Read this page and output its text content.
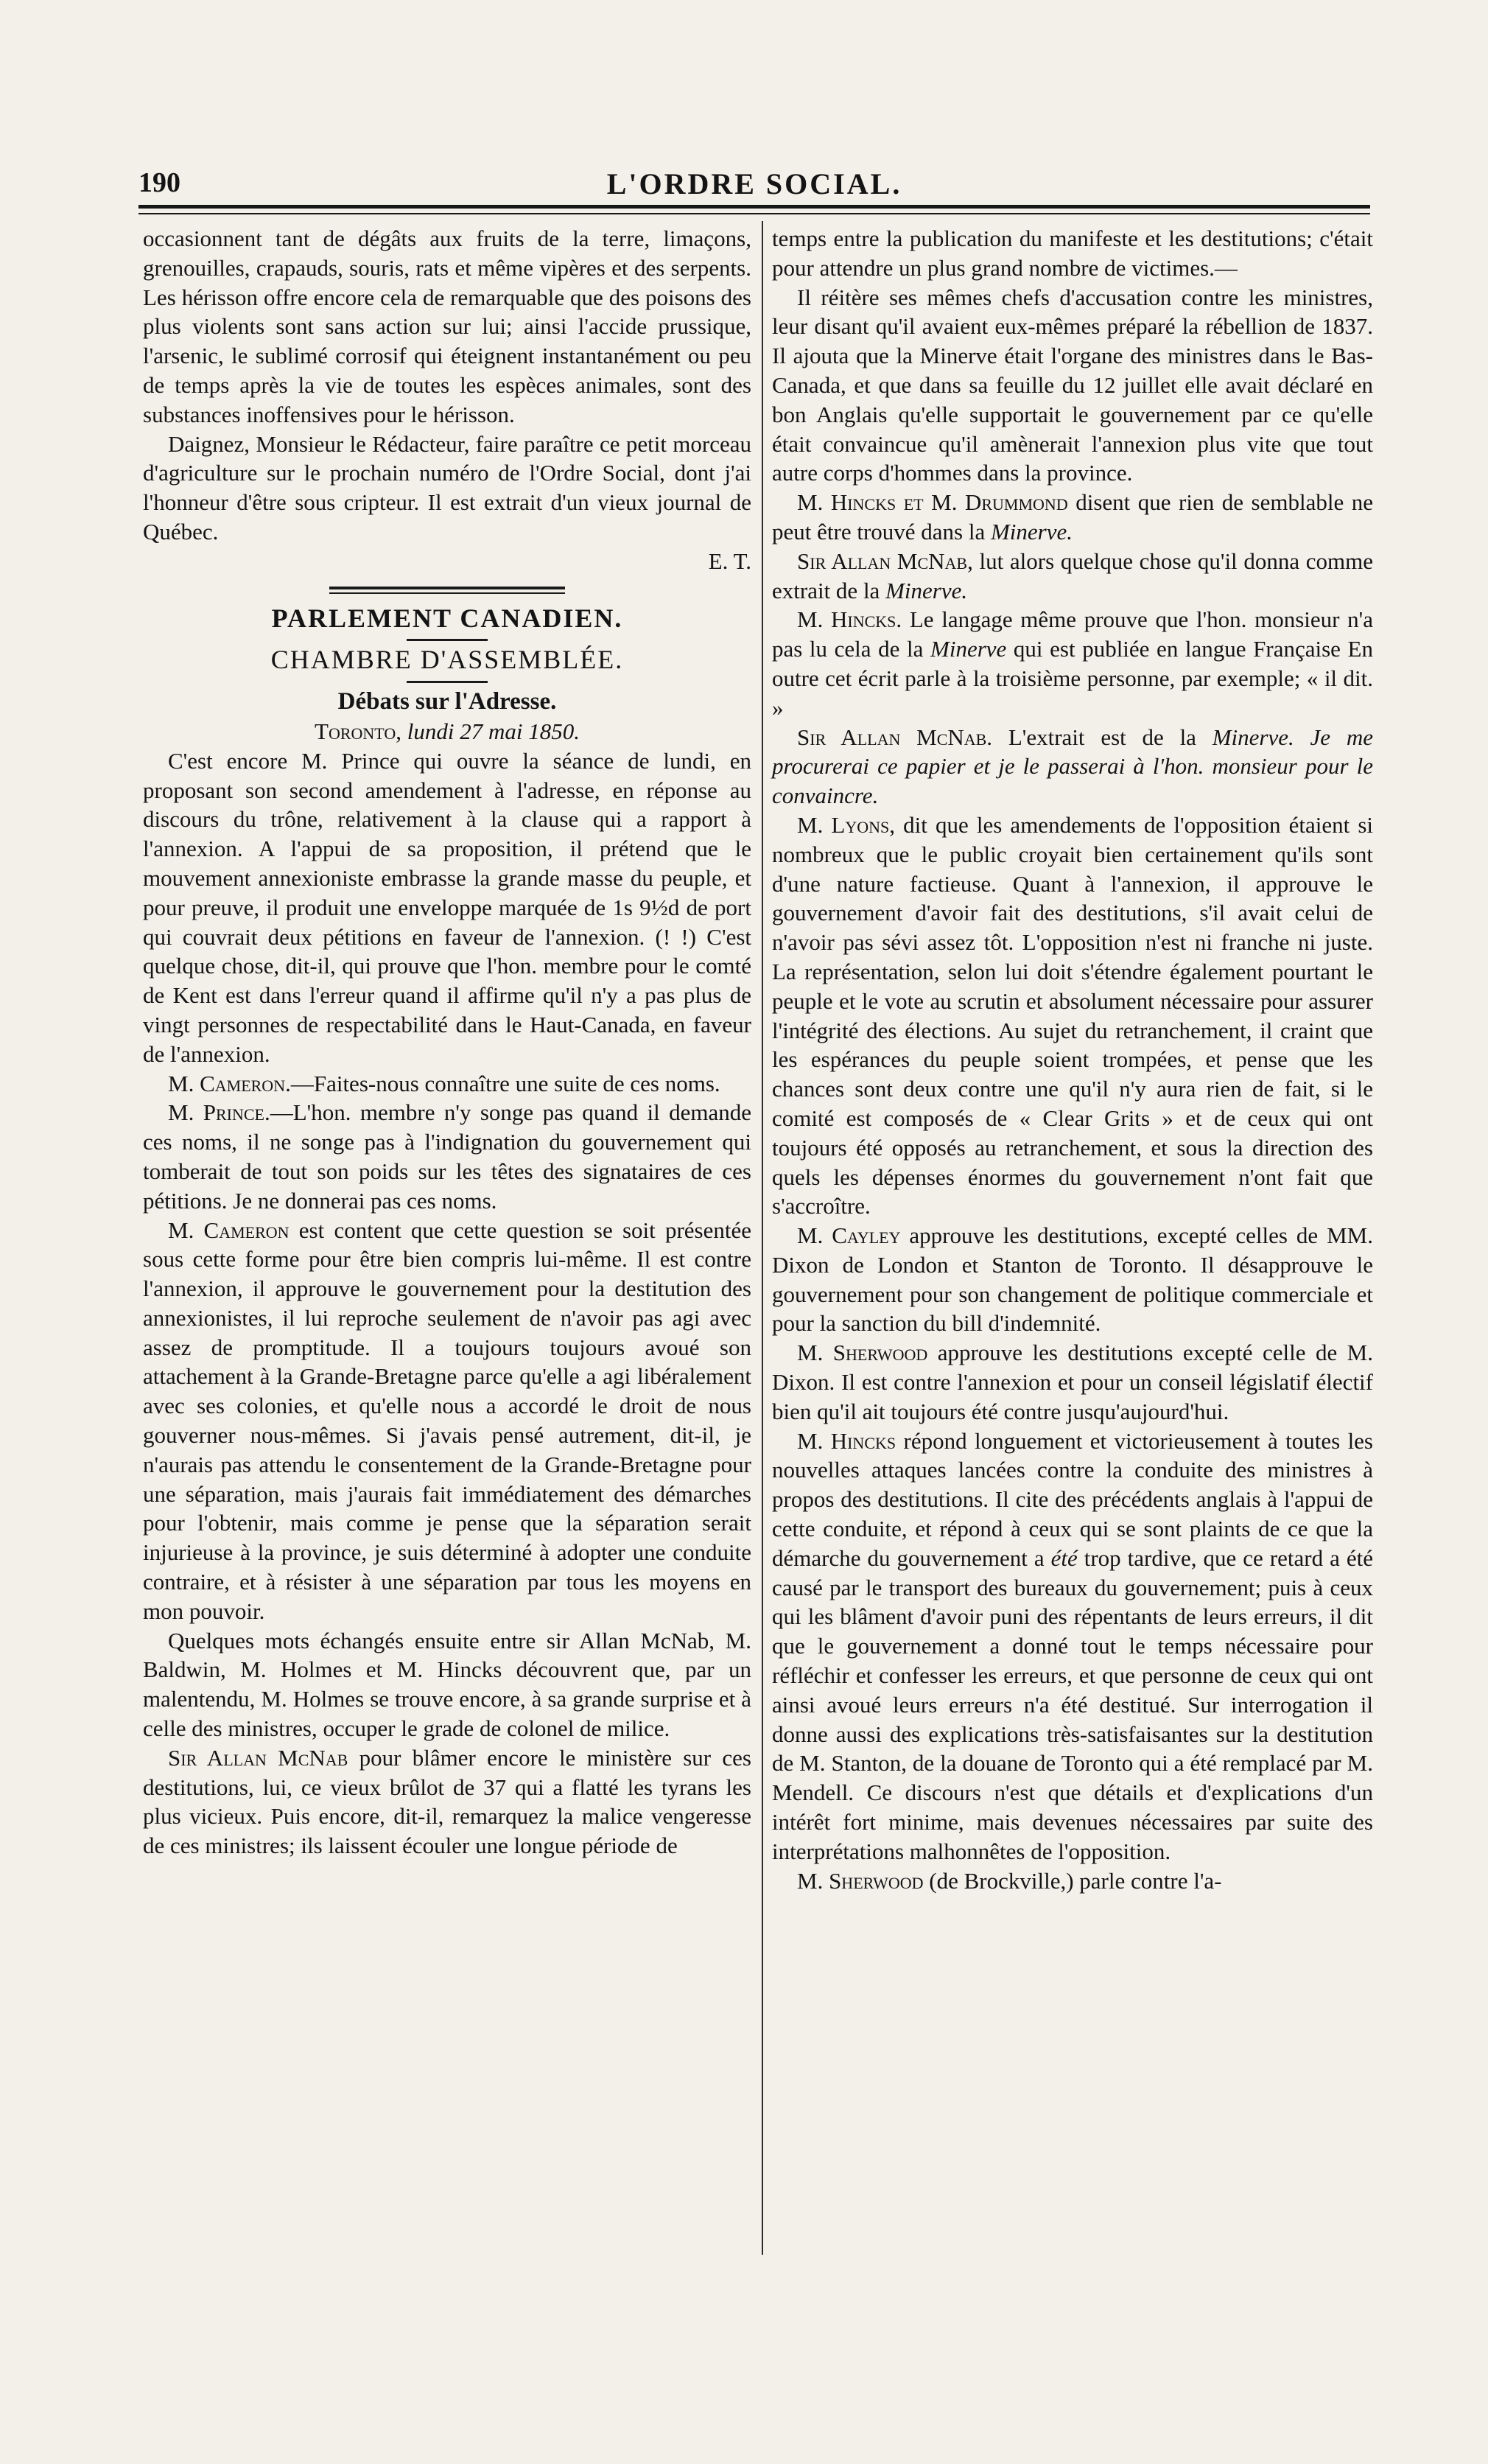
190	L'ORDRE SOCIAL.

occasionnent tant de dégâts aux fruits de la terre, limaçons, grenouilles, crapauds, souris, rats et même vipères et des serpents. Les hérisson offre encore cela de remarquable que des poisons des plus violents sont sans action sur lui; ainsi l'accide prussique, l'arsenic, le sublimé corrosif qui éteignent instantanément ou peu de temps après la vie de toutes les espèces animales, sont des substances inoffensives pour le hérisson.

Daignez, Monsieur le Rédacteur, faire paraître ce petit morceau d'agriculture sur le prochain numéro de l'Ordre Social, dont j'ai l'honneur d'être sous cripteur. Il est extrait d'un vieux journal de Québec.

E. T.

PARLEMENT CANADIEN.

CHAMBRE D'ASSEMBLÉE.

Débats sur l'Adresse.

Toronto, lundi 27 mai 1850.

C'est encore M. Prince qui ouvre la séance de lundi, en proposant son second amendement à l'adresse, en réponse au discours du trône, relativement à la clause qui a rapport à l'annexion. A l'appui de sa proposition, il prétend que le mouvement annexioniste embrasse la grande masse du peuple, et pour preuve, il produit une enveloppe marquée de 1s 9½d de port qui couvrait deux pétitions en faveur de l'annexion. (! !) C'est quelque chose, dit-il, qui prouve que l'hon. membre pour le comté de Kent est dans l'erreur quand il affirme qu'il n'y a pas plus de vingt personnes de respectabilité dans le Haut-Canada, en faveur de l'annexion.

M. Cameron.—Faites-nous connaître une suite de ces noms.

M. Prince.—L'hon. membre n'y songe pas quand il demande ces noms, il ne songe pas à l'indignation du gouvernement qui tomberait de tout son poids sur les têtes des signataires de ces pétitions. Je ne donnerai pas ces noms.

M. Cameron est content que cette question se soit présentée sous cette forme pour être bien compris lui-même. Il est contre l'annexion, il approuve le gouvernement pour la destitution des annexionistes, il lui reproche seulement de n'avoir pas agi avec assez de promptitude. Il a toujours toujours avoué son attachement à la Grande-Bretagne parce qu'elle a agi libéralement avec ses colonies, et qu'elle nous a accordé le droit de nous gouverner nous-mêmes. Si j'avais pensé autrement, dit-il, je n'aurais pas attendu le consentement de la Grande-Bretagne pour une séparation, mais j'aurais fait immédiatement des démarches pour l'obtenir, mais comme je pense que la séparation serait injurieuse à la province, je suis déterminé à adopter une conduite contraire, et à résister à une séparation par tous les moyens en mon pouvoir.

Quelques mots échangés ensuite entre sir Allan McNab, M. Baldwin, M. Holmes et M. Hincks découvrent que, par un malentendu, M. Holmes se trouve encore, à sa grande surprise et à celle des ministres, occuper le grade de colonel de milice.

Sir Allan McNab pour blâmer encore le ministère sur ces destitutions, lui, ce vieux brûlot de 37 qui a flatté les tyrans les plus vicieux. Puis encore, dit-il, remarquez la malice vengeresse de ces ministres; ils laissent écouler une longue période de

temps entre la publication du manifeste et les destitutions; c'était pour attendre un plus grand nombre de victimes.—

Il réitère ses mêmes chefs d'accusation contre les ministres, leur disant qu'il avaient eux-mêmes préparé la rébellion de 1837. Il ajouta que la Minerve était l'organe des ministres dans le Bas-Canada, et que dans sa feuille du 12 juillet elle avait déclaré en bon Anglais qu'elle supportait le gouvernement par ce qu'elle était convaincue qu'il amènerait l'annexion plus vite que tout autre corps d'hommes dans la province.

M. Hincks et M. Drummond disent que rien de semblable ne peut être trouvé dans la Minerve.

Sir Allan McNab, lut alors quelque chose qu'il donna comme extrait de la Minerve.

M. Hincks. Le langage même prouve que l'hon. monsieur n'a pas lu cela de la Minerve qui est publiée en langue Française En outre cet écrit parle à la troisième personne, par exemple; « il dit. »

Sir Allan McNab. L'extrait est de la Minerve. Je me procurerai ce papier et je le passerai à l'hon. monsieur pour le convaincre.

M. Lyons, dit que les amendements de l'opposition étaient si nombreux que le public croyait bien certainement qu'ils sont d'une nature factieuse. Quant à l'annexion, il approuve le gouvernement d'avoir fait des destitutions, s'il avait celui de n'avoir pas sévi assez tôt. L'opposition n'est ni franche ni juste. La représentation, selon lui doit s'étendre également pourtant le peuple et le vote au scrutin et absolument nécessaire pour assurer l'intégrité des élections. Au sujet du retranchement, il craint que les espérances du peuple soient trompées, et pense que les chances sont deux contre une qu'il n'y aura rien de fait, si le comité est composés de « Clear Grits » et de ceux qui ont toujours été opposés au retranchement, et sous la direction des quels les dépenses énormes du gouvernement n'ont fait que s'accroître.

M. Cayley approuve les destitutions, excepté celles de MM. Dixon de London et Stanton de Toronto. Il désapprouve le gouvernement pour son changement de politique commerciale et pour la sanction du bill d'indemnité.

M. Sherwood approuve les destitutions excepté celle de M. Dixon. Il est contre l'annexion et pour un conseil législatif électif bien qu'il ait toujours été contre jusqu'aujourd'hui.

M. Hincks répond longuement et victorieusement à toutes les nouvelles attaques lancées contre la conduite des ministres à propos des destitutions. Il cite des précédents anglais à l'appui de cette conduite, et répond à ceux qui se sont plaints de ce que la démarche du gouvernement a été trop tardive, que ce retard a été causé par le transport des bureaux du gouvernement; puis à ceux qui les blâment d'avoir puni des répentants de leurs erreurs, il dit que le gouvernement a donné tout le temps nécessaire pour réfléchir et confesser les erreurs, et que personne de ceux qui ont ainsi avoué leurs erreurs n'a été destitué. Sur interrogation il donne aussi des explications très-satisfaisantes sur la destitution de M. Stanton, de la douane de Toronto qui a été remplacé par M. Mendell. Ce discours n'est que détails et d'explications d'un intérêt fort minime, mais devenues nécessaires par suite des interprétations malhonnêtes de l'opposition.

M. Sherwood (de Brockville,) parle contre l'a-
